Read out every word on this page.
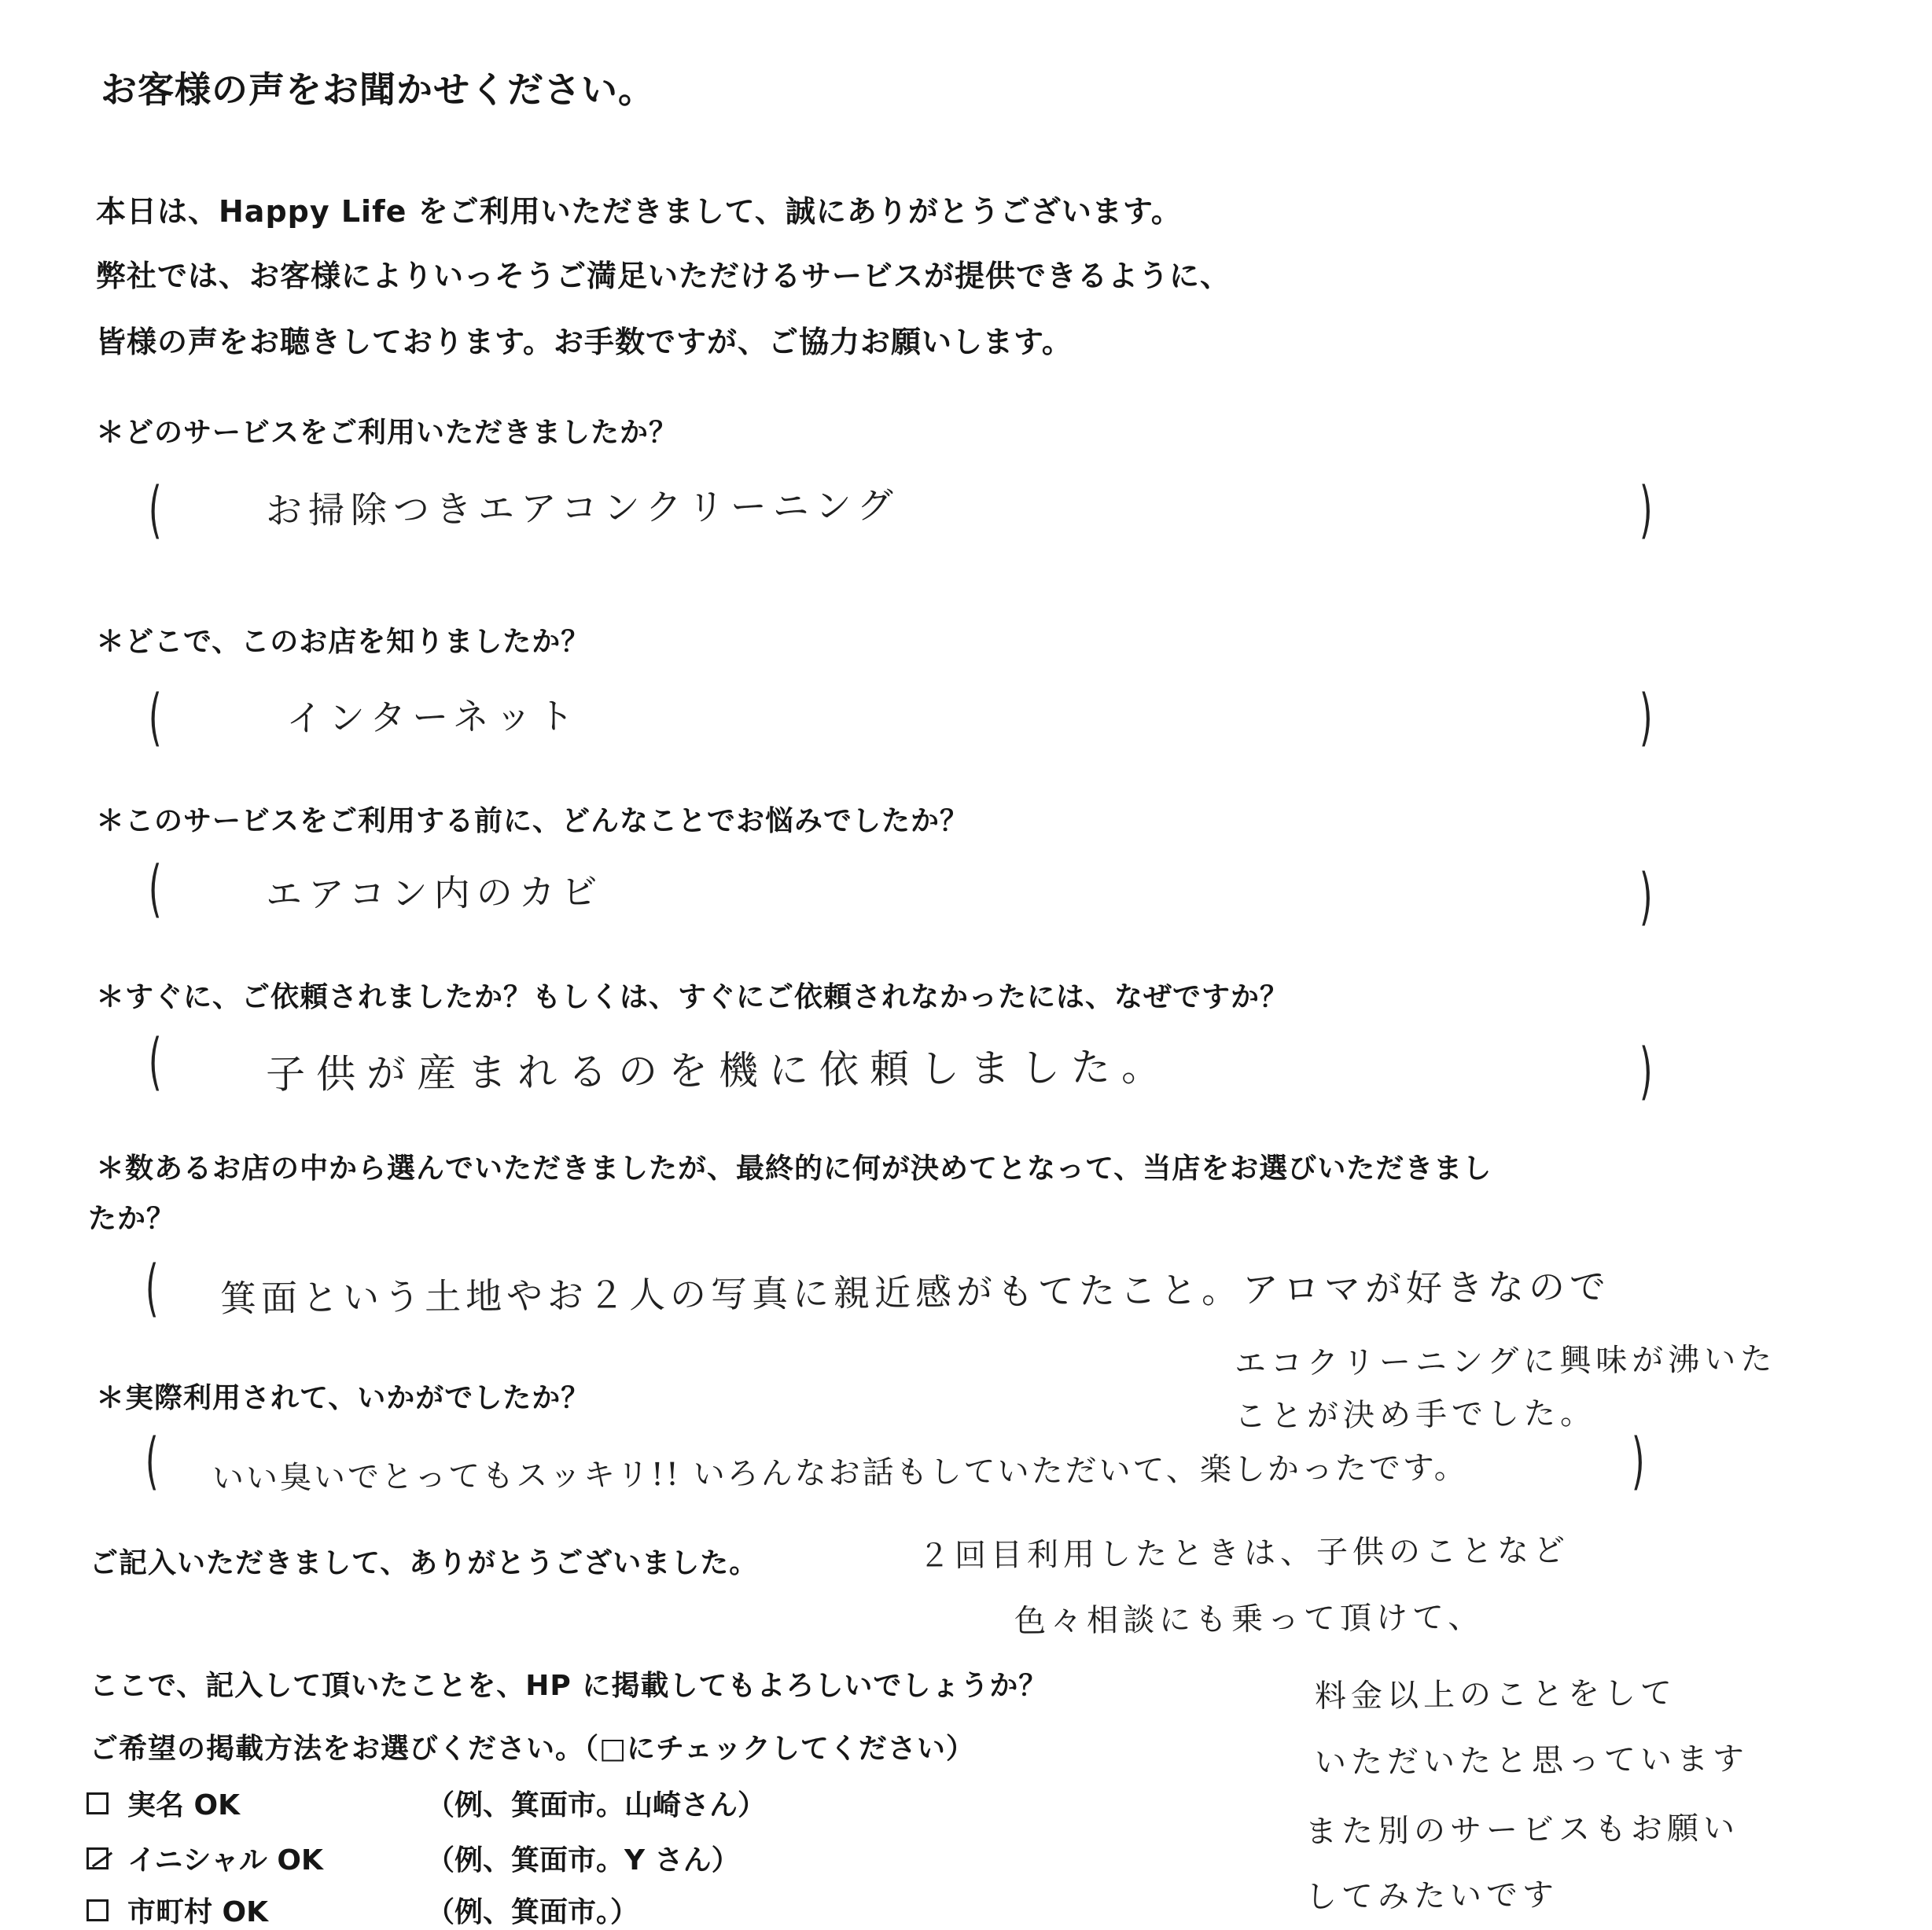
お客様の声をお聞かせください。
本日は、Happy Life をご利用いただきまして、誠にありがとうございます。
弊社では、お客様によりいっそうご満足いただけるサービスが提供できるように、
皆様の声をお聴きしております。お手数ですが、ご協力お願いします。
＊どのサービスをご利用いただきましたか？
(	)
お掃除つきエアコンクリーニング
＊どこで、このお店を知りましたか？
(	)
インターネット
＊このサービスをご利用する前に、どんなことでお悩みでしたか？
(	)
エアコン内のカビ
＊すぐに、ご依頼されましたか？もしくは、すぐにご依頼されなかったには、なぜですか？
(	)
子供が産まれるのを機に依頼しました。
＊数あるお店の中から選んでいただきましたが、最終的に何が決めてとなって、当店をお選びいただきまし
たか？
( 箕面という土地やお２人の写真に親近感がもてたこと。アロマが好きなので
エコクリーニングに興味が沸いた
ことが決め手でした。
＊実際利用されて、いかがでしたか？
(	)
いい臭いでとってもスッキリ!! いろんなお話もしていただいて、楽しかったです。
２回目利用したときは、子供のことなど
色々相談にも乗って頂けて、
料金以上のことをして
いただいたと思っています
また別のサービスもお願い
してみたいです
ご記入いただきまして、ありがとうございました。
ここで、記入して頂いたことを、HP に掲載してもよろしいでしょうか？
ご希望の掲載方法をお選びください。（□にチェックしてください）
実名 OK	（例、箕面市。山崎さん）
イニシャル OK	（例、箕面市。Y さん）
市町村 OK	（例、箕面市。）
